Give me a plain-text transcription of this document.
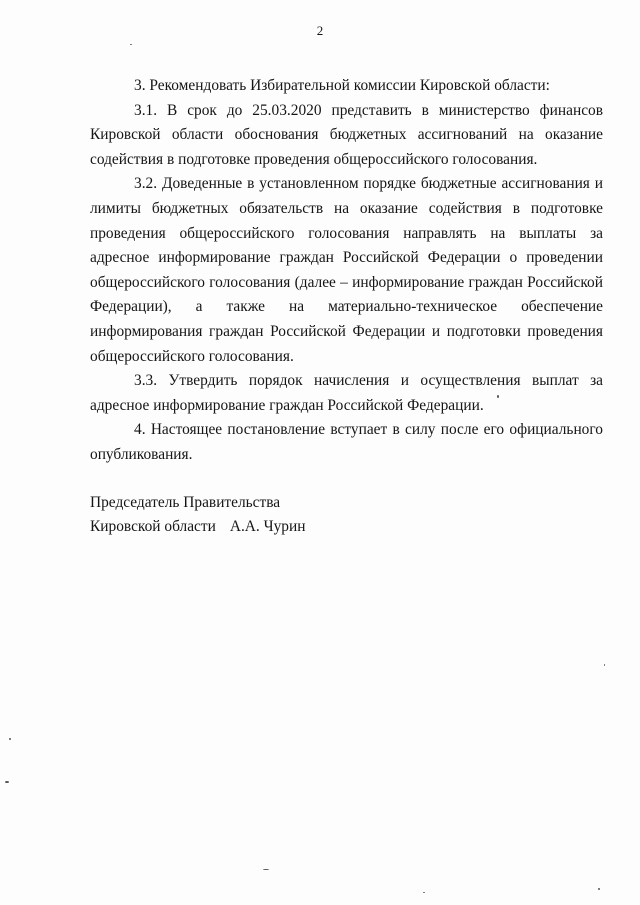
2

3. Рекомендовать Избирательной комиссии Кировской области:

3.1. В срок до 25.03.2020 представить в министерство финансов Кировской области обоснования бюджетных ассигнований на оказание содействия в подготовке проведения общероссийского голосования.

3.2. Доведенные в установленном порядке бюджетные ассигнования и лимиты бюджетных обязательств на оказание содействия в подготовке проведения общероссийского голосования направлять на выплаты за адресное информирование граждан Российской Федерации о проведении общероссийского голосования (далее – информирование граждан Российской Федерации), а также на материально-техническое обеспечение информирования граждан Российской Федерации и подготовки проведения общероссийского голосования.

3.3. Утвердить порядок начисления и осуществления выплат за адресное информирование граждан Российской Федерации.

4. Настоящее постановление вступает в силу после его официального опубликования.

Председатель Правительства
Кировской области А.А. Чурин
